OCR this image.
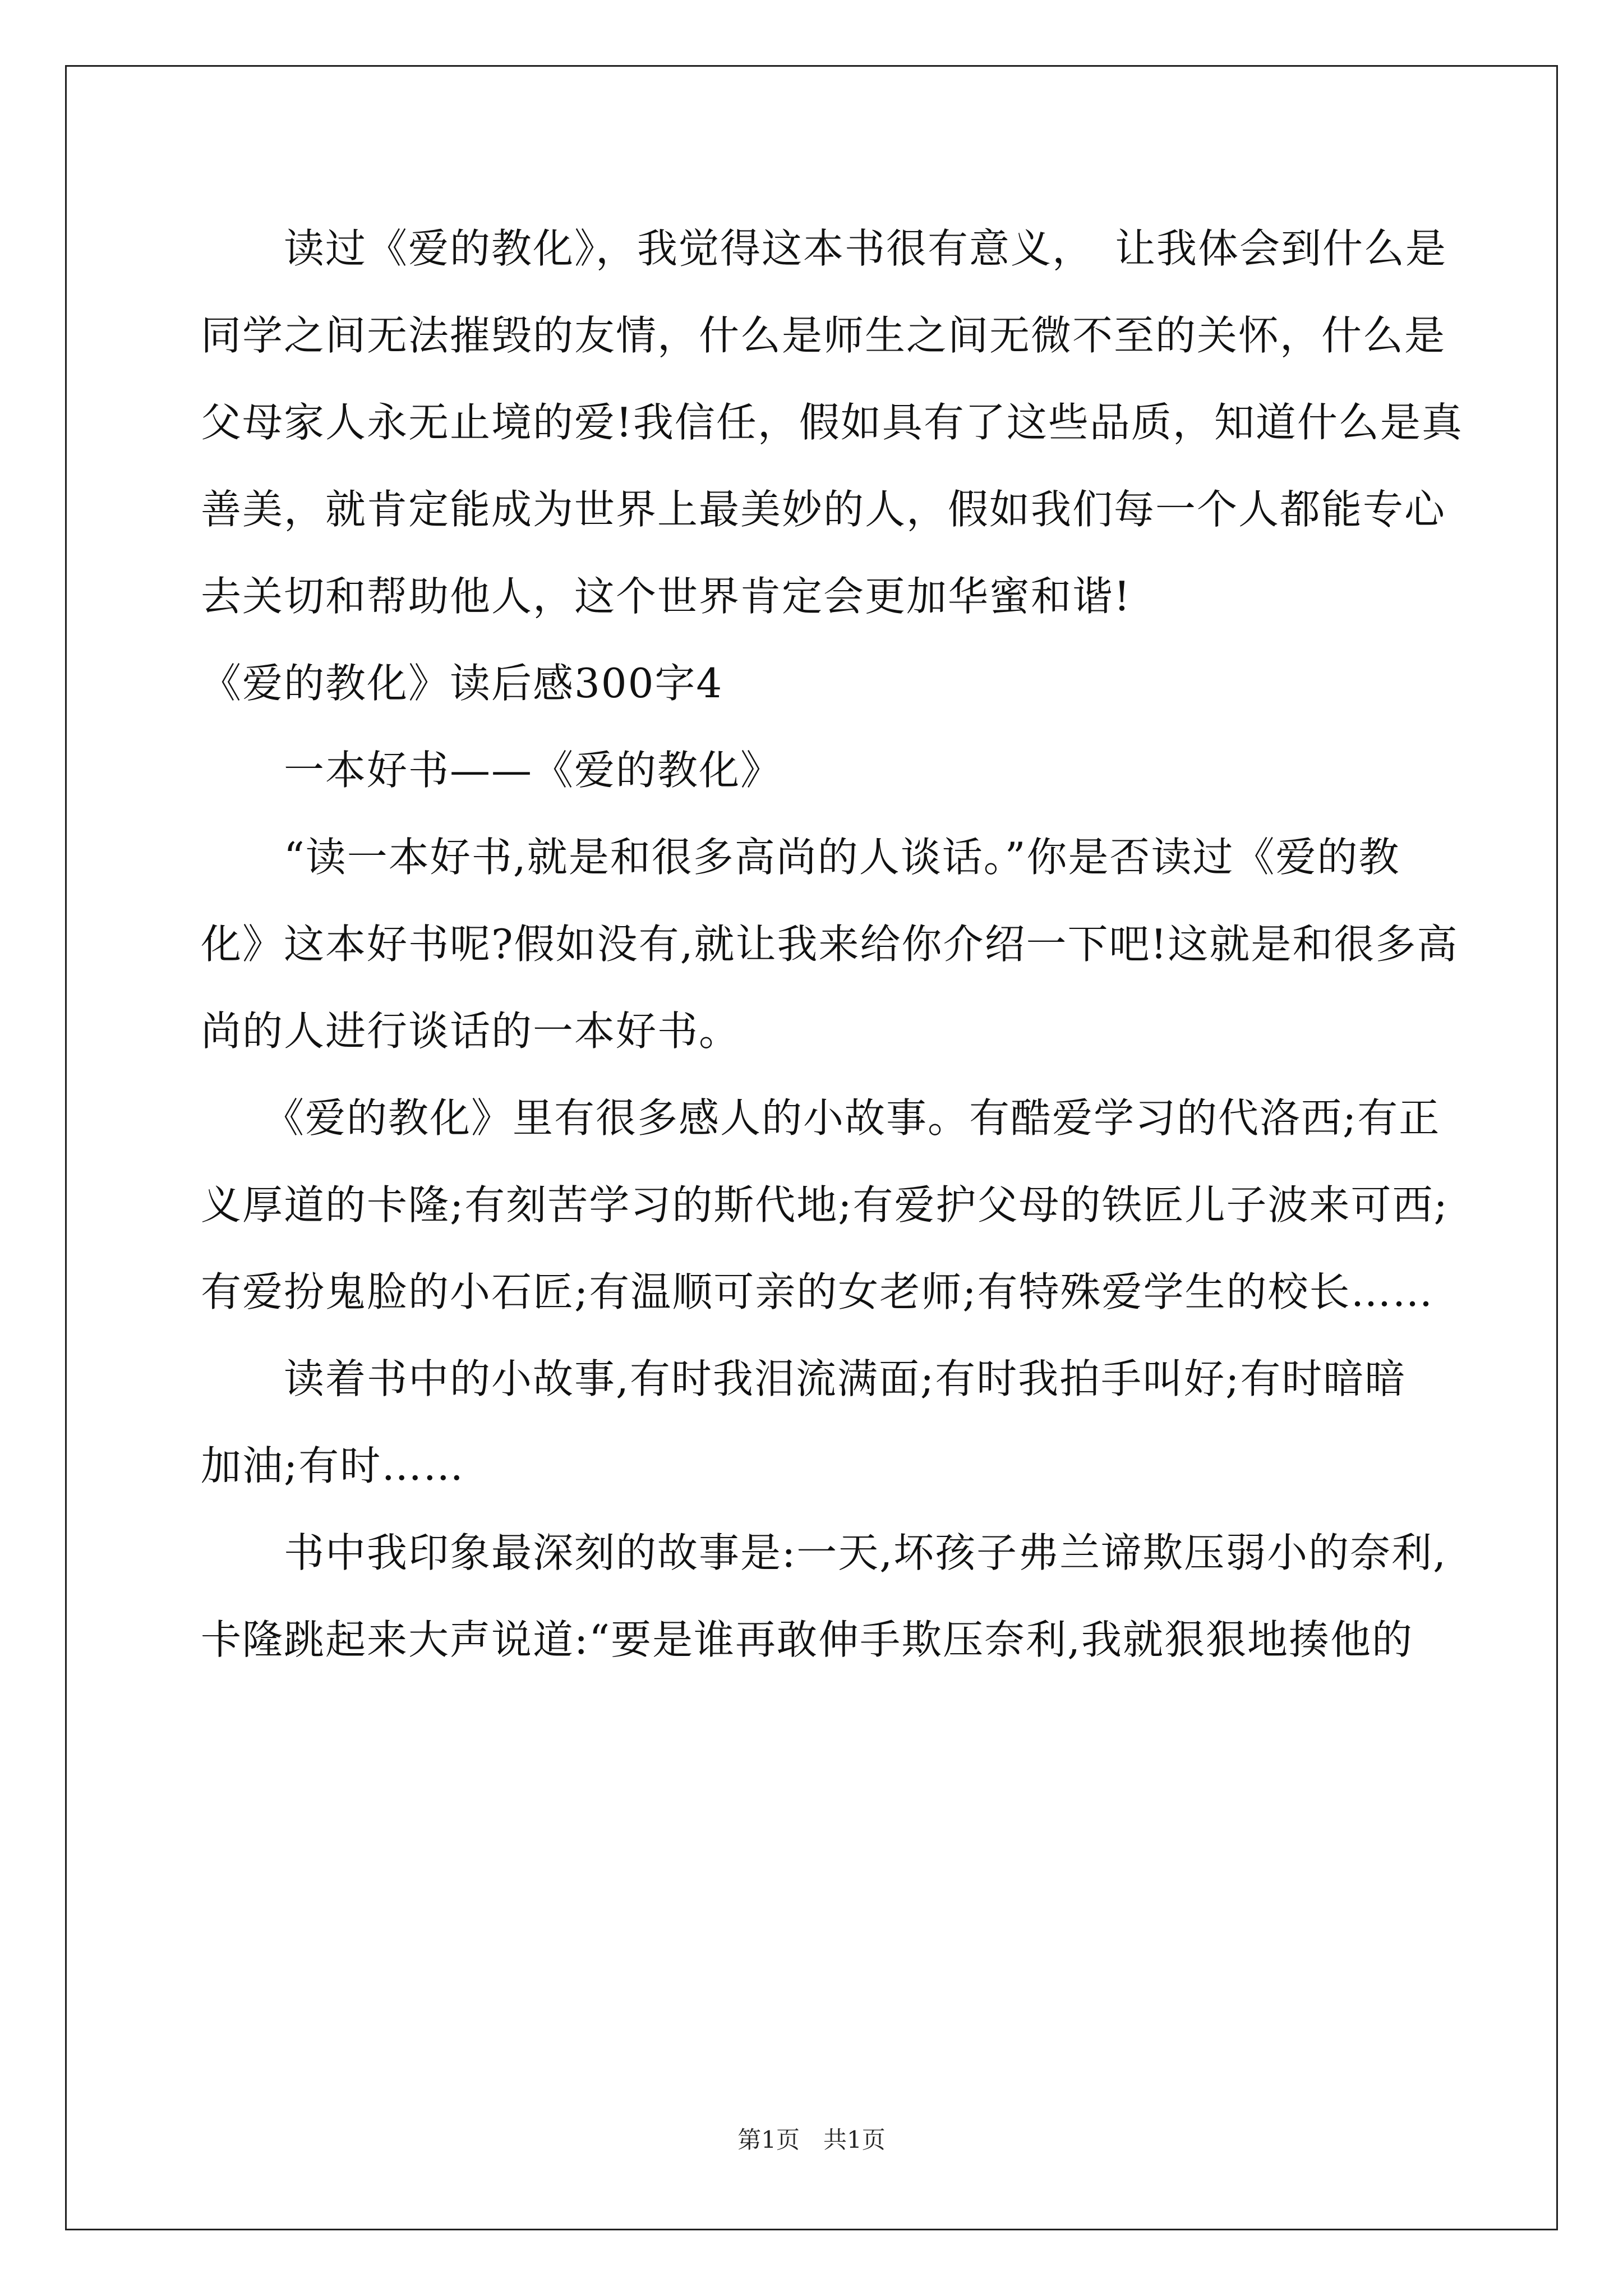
　　读过《爱的教化》，我觉得这本书很有意义，　让我体会到什么是
同学之间无法摧毁的友情，什么是师生之间无微不至的关怀，什么是
父母家人永无止境的爱!我信任，假如具有了这些品质，知道什么是真
善美，就肯定能成为世界上最美妙的人，假如我们每一个人都能专心
去关切和帮助他人，这个世界肯定会更加华蜜和谐!
《爱的教化》读后感300字4
　　一本好书——《爱的教化》
　　“读一本好书,就是和很多高尚的人谈话。”你是否读过《爱的教
化》这本好书呢?假如没有,就让我来给你介绍一下吧!这就是和很多高
尚的人进行谈话的一本好书。
　　《爱的教化》里有很多感人的小故事。有酷爱学习的代洛西;有正
义厚道的卡隆;有刻苦学习的斯代地;有爱护父母的铁匠儿子波来可西;
有爱扮鬼脸的小石匠;有温顺可亲的女老师;有特殊爱学生的校长……
　　读着书中的小故事,有时我泪流满面;有时我拍手叫好;有时暗暗
加油;有时……
　　书中我印象最深刻的故事是:一天,坏孩子弗兰谛欺压弱小的奈利,
卡隆跳起来大声说道:“要是谁再敢伸手欺压奈利,我就狠狠地揍他的
第1页　共1页
